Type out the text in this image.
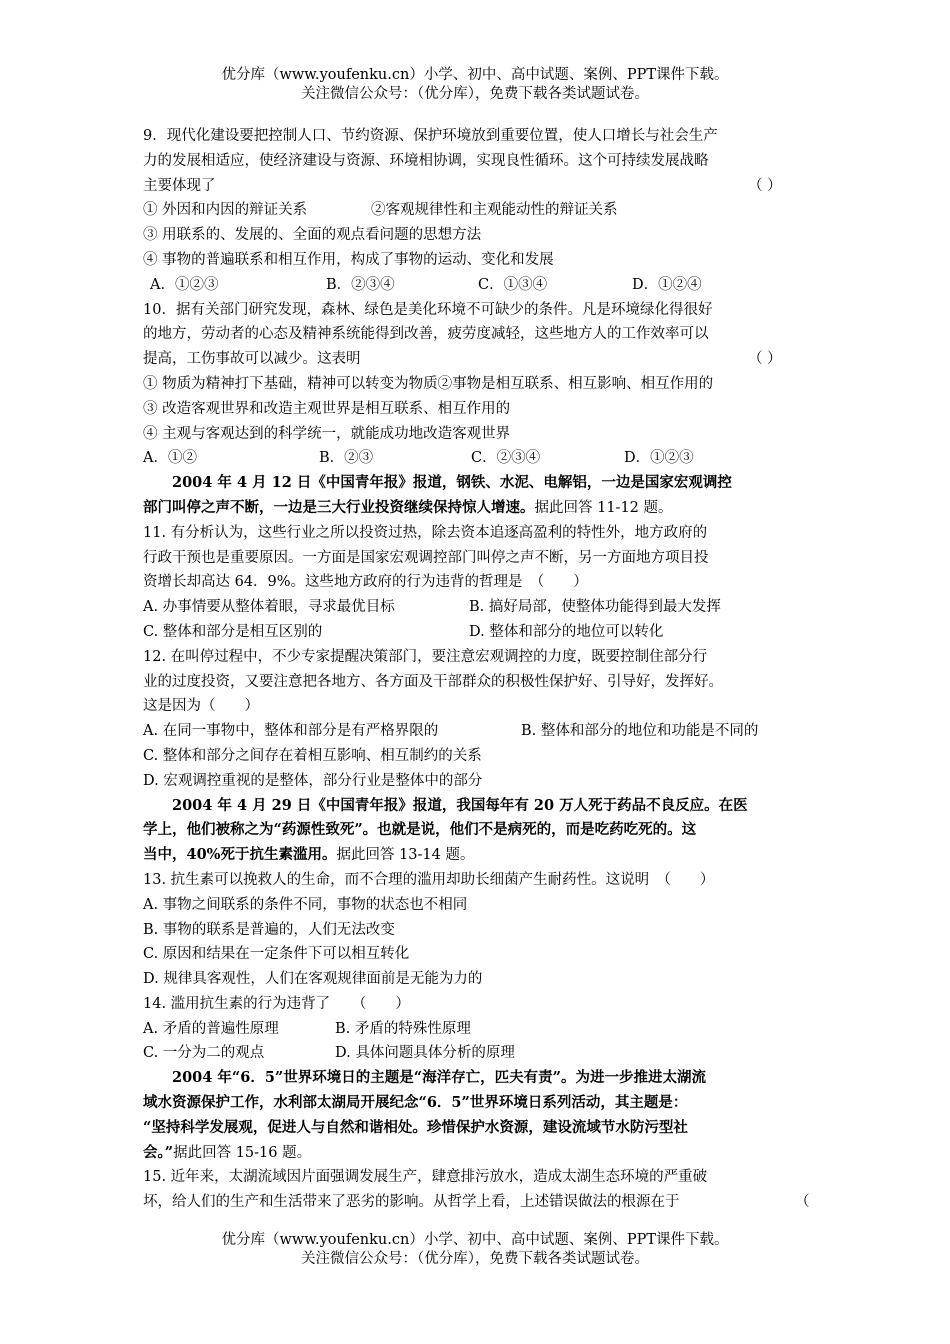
优分库（www.youfenku.cn）小学、初中、高中试题、案例、PPT课件下载。
关注微信公众号：（优分库），免费下载各类试题试卷。
9．现代化建设要把控制人口、节约资源、保护环境放到重要位置，使人口增长与社会生产
力的发展相适应，使经济建设与资源、环境相协调，实现良性循环。这个可持续发展战略
主要体现了	（ ）
① 外因和内因的辩证关系	②客观规律性和主观能动性的辩证关系
③ 用联系的、发展的、全面的观点看问题的思想方法
④ 事物的普遍联系和相互作用，构成了事物的运动、变化和发展
A．①②③	B．②③④	C．①③④	D．①②④
10．据有关部门研究发现，森林、绿色是美化环境不可缺少的条件。凡是环境绿化得很好
的地方，劳动者的心态及精神系统能得到改善，疲劳度减轻，这些地方人的工作效率可以
提高，工伤事故可以减少。这表明	（ ）
① 物质为精神打下基础，精神可以转变为物质②事物是相互联系、相互影响、相互作用的
③ 改造客观世界和改造主观世界是相互联系、相互作用的
④ 主观与客观达到的科学统一，就能成功地改造客观世界
A．①②	B．②③	C．②③④	D．①②③
2004 年 4 月 12 日《中国青年报》报道，钢铁、水泥、电解铝，一边是国家宏观调控
部门叫停之声不断，一边是三大行业投资继续保持惊人增速。据此回答 11-12 题。
11. 有分析认为，这些行业之所以投资过热，除去资本追逐高盈利的特性外，地方政府的
行政干预也是重要原因。一方面是国家宏观调控部门叫停之声不断，另一方面地方项目投
资增长却高达 64．9%。这些地方政府的行为违背的哲理是　（　　）
A. 办事情要从整体着眼，寻求最优目标	B. 搞好局部，使整体功能得到最大发挥
C. 整体和部分是相互区别的	D. 整体和部分的地位可以转化
12. 在叫停过程中，不少专家提醒决策部门，要注意宏观调控的力度，既要控制住部分行
业的过度投资，又要注意把各地方、各方面及干部群众的积极性保护好、引导好，发挥好。
这是因为（　　）
A. 在同一事物中，整体和部分是有严格界限的	B. 整体和部分的地位和功能是不同的
C. 整体和部分之间存在着相互影响、相互制约的关系
D. 宏观调控重视的是整体，部分行业是整体中的部分
2004 年 4 月 29 日《中国青年报》报道，我国每年有 20 万人死于药品不良反应。在医
学上，他们被称之为“药源性致死”。也就是说，他们不是病死的，而是吃药吃死的。这
当中，40%死于抗生素滥用。据此回答 13-14 题。
13. 抗生素可以挽救人的生命，而不合理的滥用却助长细菌产生耐药性。这说明　（　　）
A. 事物之间联系的条件不同，事物的状态也不相同
B. 事物的联系是普遍的，人们无法改变
C. 原因和结果在一定条件下可以相互转化
D. 规律具客观性，人们在客观规律面前是无能为力的
14. 滥用抗生素的行为违背了　　（　　）
A. 矛盾的普遍性原理	B. 矛盾的特殊性原理
C. 一分为二的观点	D. 具体问题具体分析的原理
2004 年“6．5”世界环境日的主题是“海洋存亡，匹夫有责”。为进一步推进太湖流
域水资源保护工作，水利部太湖局开展纪念“6．5”世界环境日系列活动，其主题是：
“坚持科学发展观，促进人与自然和谐相处。珍惜保护水资源，建设流域节水防污型社
会。”据此回答 15-16 题。
15. 近年来，太湖流域因片面强调发展生产，肆意排污放水，造成太湖生态环境的严重破
坏，给人们的生产和生活带来了恶劣的影响。从哲学上看，上述错误做法的根源在于	（
优分库（www.youfenku.cn）小学、初中、高中试题、案例、PPT课件下载。
关注微信公众号：（优分库），免费下载各类试题试卷。
